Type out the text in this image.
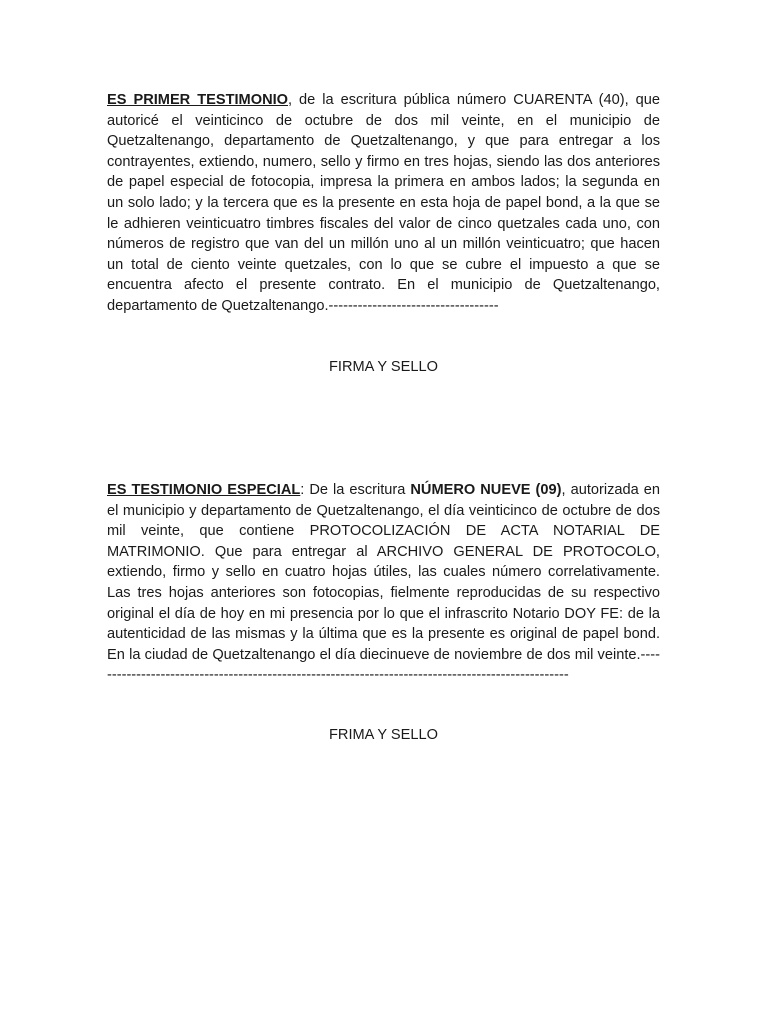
ES PRIMER TESTIMONIO, de la escritura pública número CUARENTA (40), que autoricé el veinticinco de octubre de dos mil veinte, en el municipio de Quetzaltenango, departamento de Quetzaltenango, y que para entregar a los contrayentes, extiendo, numero, sello y firmo en tres hojas, siendo las dos anteriores de papel especial de fotocopia, impresa la primera en ambos lados; la segunda en un solo lado; y la tercera que es la presente en esta hoja de papel bond, a la que se le adhieren veinticuatro timbres fiscales del valor de cinco quetzales cada uno, con números de registro que van del un millón uno al un millón veinticuatro; que hacen un total de ciento veinte quetzales, con lo que se cubre el impuesto a que se encuentra afecto el presente contrato. En el municipio de Quetzaltenango, departamento de Quetzaltenango.-----------------------------------

FIRMA Y SELLO

ES TESTIMONIO ESPECIAL: De la escritura NÚMERO NUEVE (09), autorizada en el municipio y departamento de Quetzaltenango, el día veinticinco de octubre de dos mil veinte, que contiene PROTOCOLIZACIÓN DE ACTA NOTARIAL DE MATRIMONIO. Que para entregar al ARCHIVO GENERAL DE PROTOCOLO, extiendo, firmo y sello en cuatro hojas útiles, las cuales número correlativamente. Las tres hojas anteriores son fotocopias, fielmente reproducidas de su respectivo original el día de hoy en mi presencia por lo que el infrascrito Notario DOY FE: de la autenticidad de las mismas y la última que es la presente es original de papel bond. En la ciudad de Quetzaltenango el día diecinueve de noviembre de dos mil veinte.---------------------------------------------------------------------------------------------------

FRIMA Y SELLO
